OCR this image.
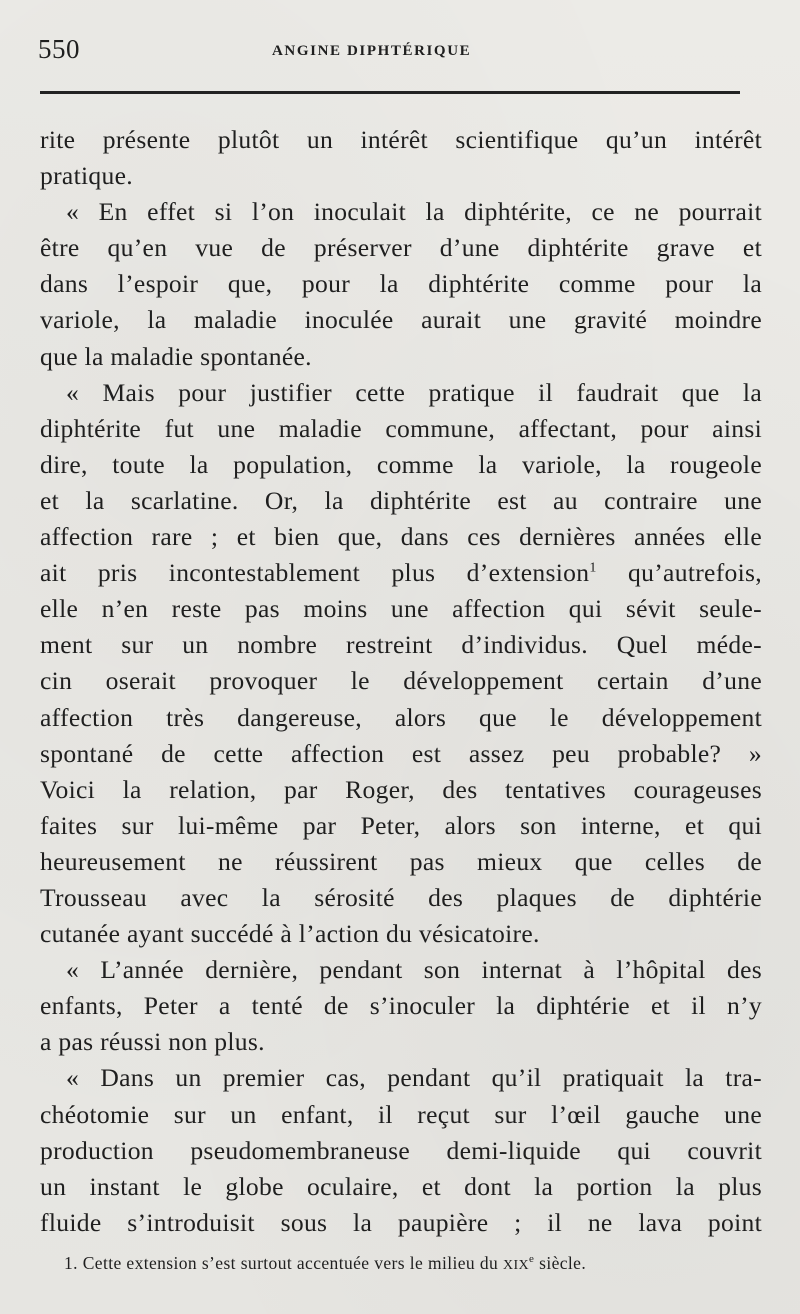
550	ANGINE DIPHTÉRIQUE
rite présente plutôt un intérêt scientifique qu’un intérêt
pratique.
« En effet si l’on inoculait la diphtérite, ce ne pourrait
être qu’en vue de préserver d’une diphtérite grave et
dans l’espoir que, pour la diphtérite comme pour la
variole, la maladie inoculée aurait une gravité moindre
que la maladie spontanée.
« Mais pour justifier cette pratique il faudrait que la
diphtérite fut une maladie commune, affectant, pour ainsi
dire, toute la population, comme la variole, la rougeole
et la scarlatine. Or, la diphtérite est au contraire une
affection rare ; et bien que, dans ces dernières années elle
ait pris incontestablement plus d’extension$^1$ qu’autrefois,
elle n’en reste pas moins une affection qui sévit seule-
ment sur un nombre restreint d’individus. Quel méde-
cin oserait provoquer le développement certain d’une
affection très dangereuse, alors que le développement
spontané de cette affection est assez peu probable? »
Voici la relation, par Roger, des tentatives courageuses
faites sur lui-même par Peter, alors son interne, et qui
heureusement ne réussirent pas mieux que celles de
Trousseau avec la sérosité des plaques de diphtérie
cutanée ayant succédé à l’action du vésicatoire.
« L’année dernière, pendant son internat à l’hôpital des
enfants, Peter a tenté de s’inoculer la diphtérie et il n’y
a pas réussi non plus.
« Dans un premier cas, pendant qu’il pratiquait la tra-
chéotomie sur un enfant, il reçut sur l’œil gauche une
production pseudomembraneuse demi-liquide qui couvrit
un instant le globe oculaire, et dont la portion la plus
fluide s’introduisit sous la paupière ; il ne lava point
1. Cette extension s’est surtout accentuée vers le milieu du XIXe siècle.
